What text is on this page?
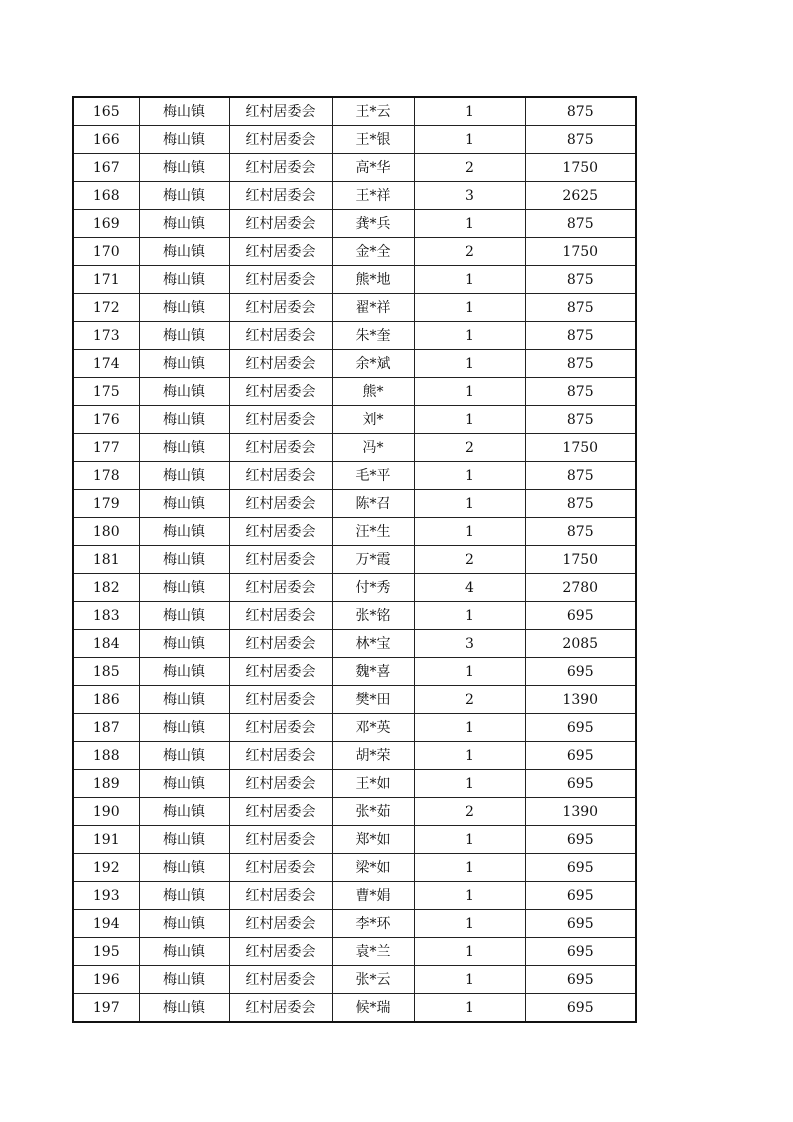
165	梅山镇	红村居委会	王*云	1	875
166	梅山镇	红村居委会	王*银	1	875
167	梅山镇	红村居委会	高*华	2	1750
168	梅山镇	红村居委会	王*祥	3	2625
169	梅山镇	红村居委会	龚*兵	1	875
170	梅山镇	红村居委会	金*全	2	1750
171	梅山镇	红村居委会	熊*地	1	875
172	梅山镇	红村居委会	翟*祥	1	875
173	梅山镇	红村居委会	朱*奎	1	875
174	梅山镇	红村居委会	余*斌	1	875
175	梅山镇	红村居委会	熊*	1	875
176	梅山镇	红村居委会	刘*	1	875
177	梅山镇	红村居委会	冯*	2	1750
178	梅山镇	红村居委会	毛*平	1	875
179	梅山镇	红村居委会	陈*召	1	875
180	梅山镇	红村居委会	汪*生	1	875
181	梅山镇	红村居委会	万*霞	2	1750
182	梅山镇	红村居委会	付*秀	4	2780
183	梅山镇	红村居委会	张*铭	1	695
184	梅山镇	红村居委会	林*宝	3	2085
185	梅山镇	红村居委会	魏*喜	1	695
186	梅山镇	红村居委会	樊*田	2	1390
187	梅山镇	红村居委会	邓*英	1	695
188	梅山镇	红村居委会	胡*荣	1	695
189	梅山镇	红村居委会	王*如	1	695
190	梅山镇	红村居委会	张*茹	2	1390
191	梅山镇	红村居委会	郑*如	1	695
192	梅山镇	红村居委会	梁*如	1	695
193	梅山镇	红村居委会	曹*娟	1	695
194	梅山镇	红村居委会	李*环	1	695
195	梅山镇	红村居委会	袁*兰	1	695
196	梅山镇	红村居委会	张*云	1	695
197	梅山镇	红村居委会	候*瑞	1	695
